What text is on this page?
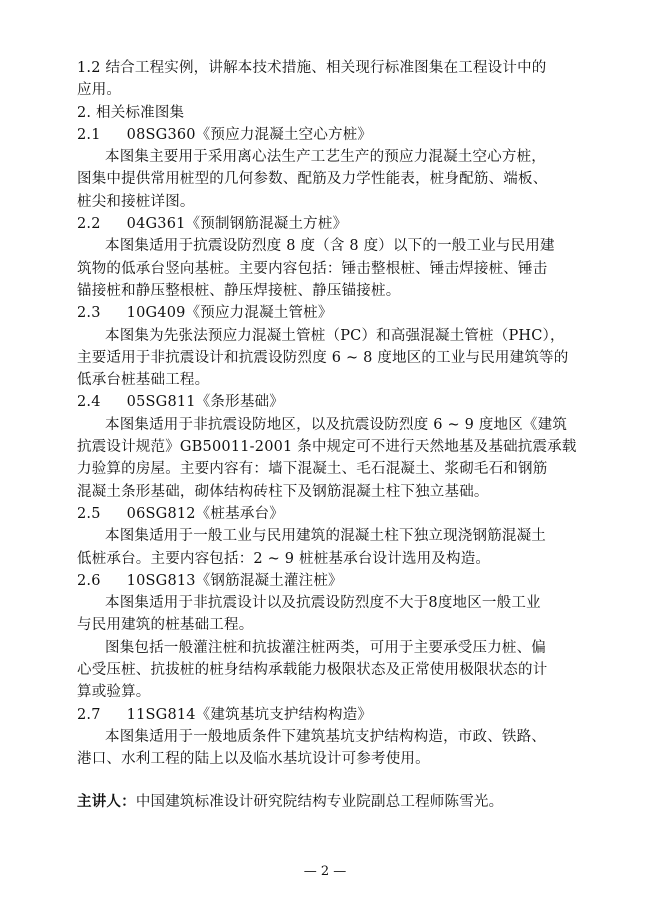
1.2 结合工程实例，讲解本技术措施、相关现行标准图集在工程设计中的
应用。
2. 相关标准图集
2.1 08SG360《预应力混凝土空心方桩》
本图集主要用于采用离心法生产工艺生产的预应力混凝土空心方桩，
图集中提供常用桩型的几何参数、配筋及力学性能表，桩身配筋、端板、
桩尖和接桩详图。
2.2 04G361《预制钢筋混凝土方桩》
本图集适用于抗震设防烈度 8 度（含 8 度）以下的一般工业与民用建
筑物的低承台竖向基桩。主要内容包括：锤击整根桩、锤击焊接桩、锤击
锚接桩和静压整根桩、静压焊接桩、静压锚接桩。
2.3 10G409《预应力混凝土管桩》
本图集为先张法预应力混凝土管桩（PC）和高强混凝土管桩（PHC），
主要适用于非抗震设计和抗震设防烈度 6 ~ 8 度地区的工业与民用建筑等的
低承台桩基础工程。
2.4 05SG811《条形基础》
本图集适用于非抗震设防地区，以及抗震设防烈度 6 ~ 9 度地区《建筑
抗震设计规范》GB50011-2001 条中规定可不进行天然地基及基础抗震承载
力验算的房屋。主要内容有：墙下混凝土、毛石混凝土、浆砌毛石和钢筋
混凝土条形基础，砌体结构砖柱下及钢筋混凝土柱下独立基础。
2.5 06SG812《桩基承台》
本图集适用于一般工业与民用建筑的混凝土柱下独立现浇钢筋混凝土
低桩承台。主要内容包括：2 ~ 9 桩桩基承台设计选用及构造。
2.6 10SG813《钢筋混凝土灌注桩》
本图集适用于非抗震设计以及抗震设防烈度不大于8度地区一般工业
与民用建筑的桩基础工程。
图集包括一般灌注桩和抗拔灌注桩两类，可用于主要承受压力桩、偏
心受压桩、抗拔桩的桩身结构承载能力极限状态及正常使用极限状态的计
算或验算。
2.7 11SG814《建筑基坑支护结构构造》
本图集适用于一般地质条件下建筑基坑支护结构构造，市政、铁路、
港口、水利工程的陆上以及临水基坑设计可参考使用。
主讲人：中国建筑标准设计研究院结构专业院副总工程师陈雪光。
— 2 —
